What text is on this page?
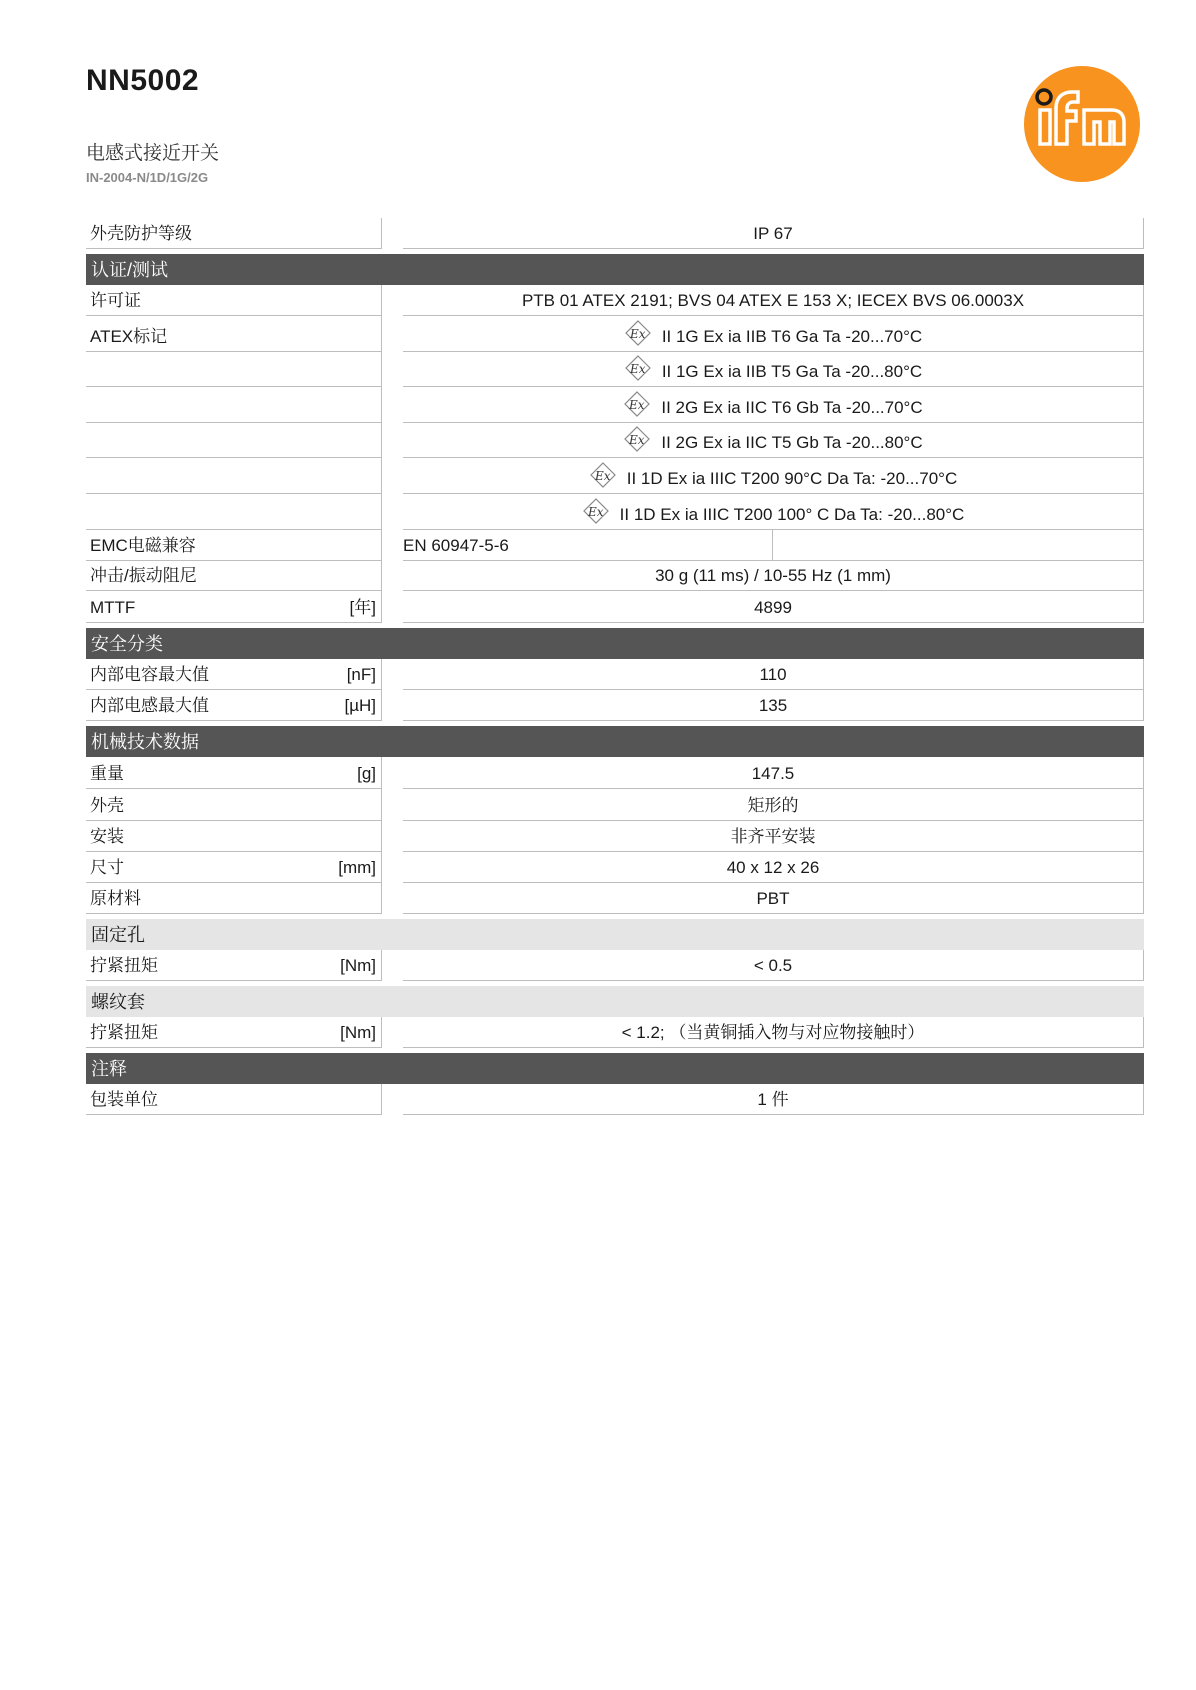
NN5002
电感式接近开关
IN-2004-N/1D/1G/2G
外壳防护等级	IP 67
认证/测试
许可证	PTB 01 ATEX 2191; BVS 04 ATEX E 153 X; IECEX BVS 06.0003X
ATEX标记	Ex II 1G Ex ia IIB T6 Ga Ta -20...70°C
Ex II 1G Ex ia IIB T5 Ga Ta -20...80°C
Ex II 2G Ex ia IIC T6 Gb Ta -20...70°C
Ex II 2G Ex ia IIC T5 Gb Ta -20...80°C
Ex II 1D Ex ia IIIC T200 90°C Da Ta: -20...70°C
Ex II 1D Ex ia IIIC T200 100° C Da Ta: -20...80°C
EMC电磁兼容	EN 60947-5-6
冲击/振动阻尼	30 g (11 ms) / 10-55 Hz (1 mm)
MTTF	[年]	4899
安全分类
内部电容最大值	[nF]	110
内部电感最大值	[µH]	135
机械技术数据
重量	[g]	147.5
外壳	矩形的
安装	非齐平安装
尺寸	[mm]	40 x 12 x 26
原材料	PBT
固定孔
拧紧扭矩	[Nm]	< 0.5
螺纹套
拧紧扭矩	[Nm]	< 1.2; （当黄铜插入物与对应物接触时）
注释
包装单位	1 件
